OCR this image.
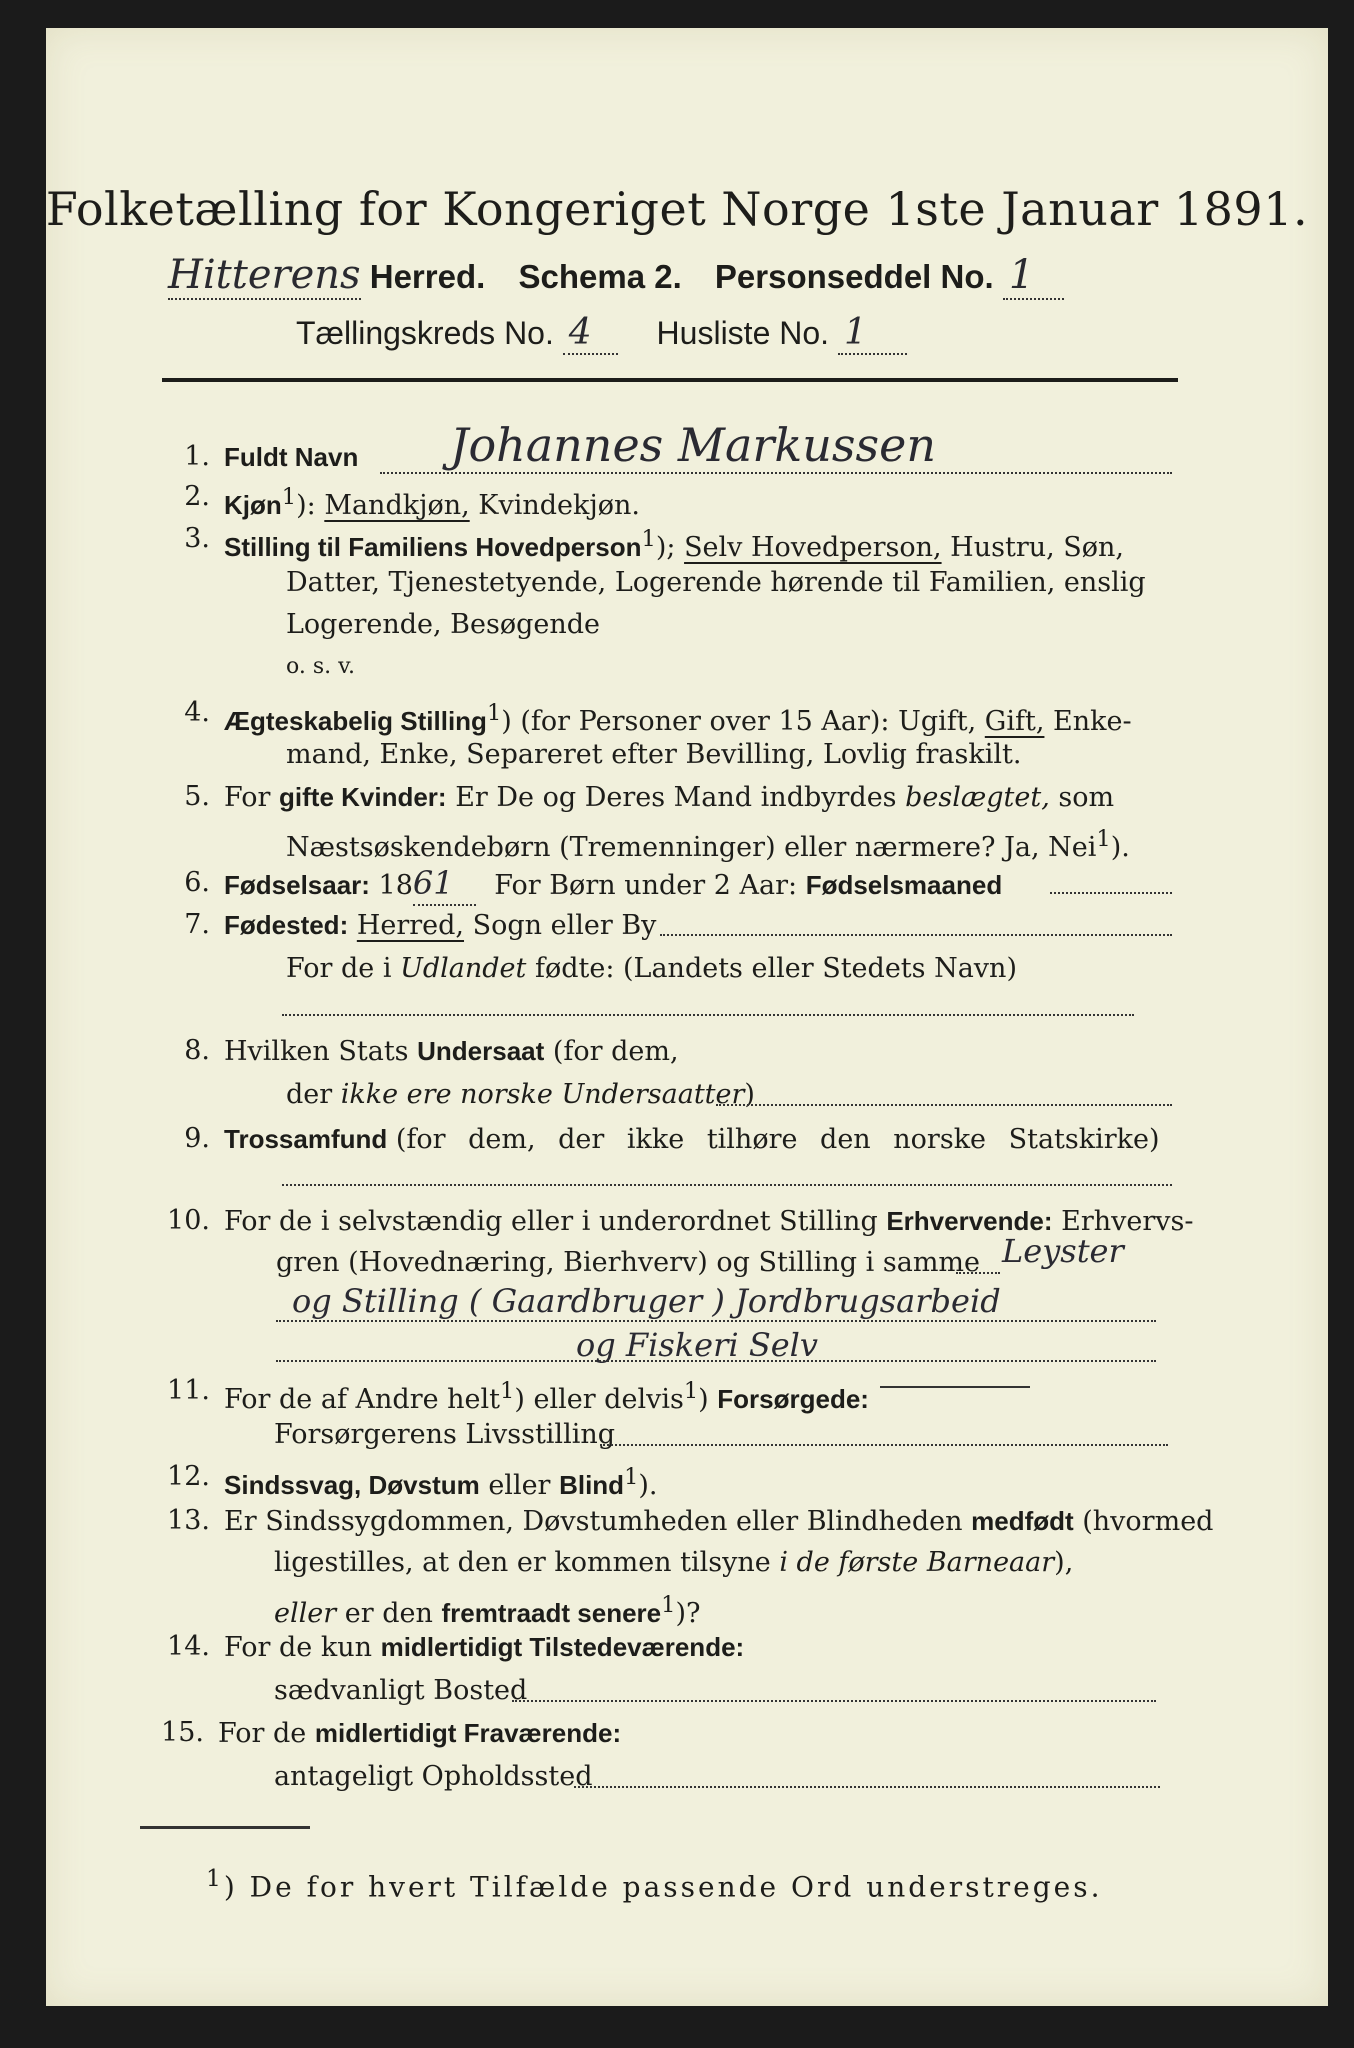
Folketælling for Kongeriget Norge 1ste Januar 1891.
Hitterens Herred. Schema 2. Personseddel No. 1
Tællingskreds No. 4 Husliste No. 1
1. Fuldt Navn Johannes Markussen
2. Kjøn$^1$): Mandkjøn, Kvindekjøn.
3. Stilling til Familiens Hovedperson$^1$); Selv Hovedperson, Hustru, Søn,
Datter, Tjenestetyende, Logerende hørende til Familien, enslig
Logerende, Besøgende
o. s. v.
4. Ægteskabelig Stilling$^1$) (for Personer over 15 Aar): Ugift, Gift, Enke-
mand, Enke, Separeret efter Bevilling, Lovlig fraskilt.
5. For gifte Kvinder: Er De og Deres Mand indbyrdes beslægtet, som
Næstsøskendebørn (Tremenninger) eller nærmere? Ja, Nei$^1$).
6. Fødselsaar: 1861 For Børn under 2 Aar: Fødselsmaaned
7. Fødested: Herred, Sogn eller By
For de i Udlandet fødte: (Landets eller Stedets Navn)
8. Hvilken Stats Undersaat (for dem,
der ikke ere norske Undersaatter)
9. Trossamfund (for dem, der ikke tilhøre den norske Statskirke)
10. For de i selvstændig eller i underordnet Stilling Erhvervende: Erhvervs-
gren (Hovednæring, Bierhverv) og Stilling i samme Leyster
og Stilling ( Gaardbruger ) Jordbrugsarbeid
og Fiskeri Selv
11. For de af Andre helt$^1$) eller delvis$^1$) Forsørgede:
Forsørgerens Livsstilling
12. Sindssvag, Døvstum eller Blind$^1$).
13. Er Sindssygdommen, Døvstumheden eller Blindheden medfødt (hvormed
ligestilles, at den er kommen tilsyne i de første Barneaar),
eller er den fremtraadt senere$^1$)?
14. For de kun midlertidigt Tilstedeværende:
sædvanligt Bosted
15. For de midlertidigt Fraværende:
antageligt Opholdssted
$^1$) De for hvert Tilfælde passende Ord understreges.
